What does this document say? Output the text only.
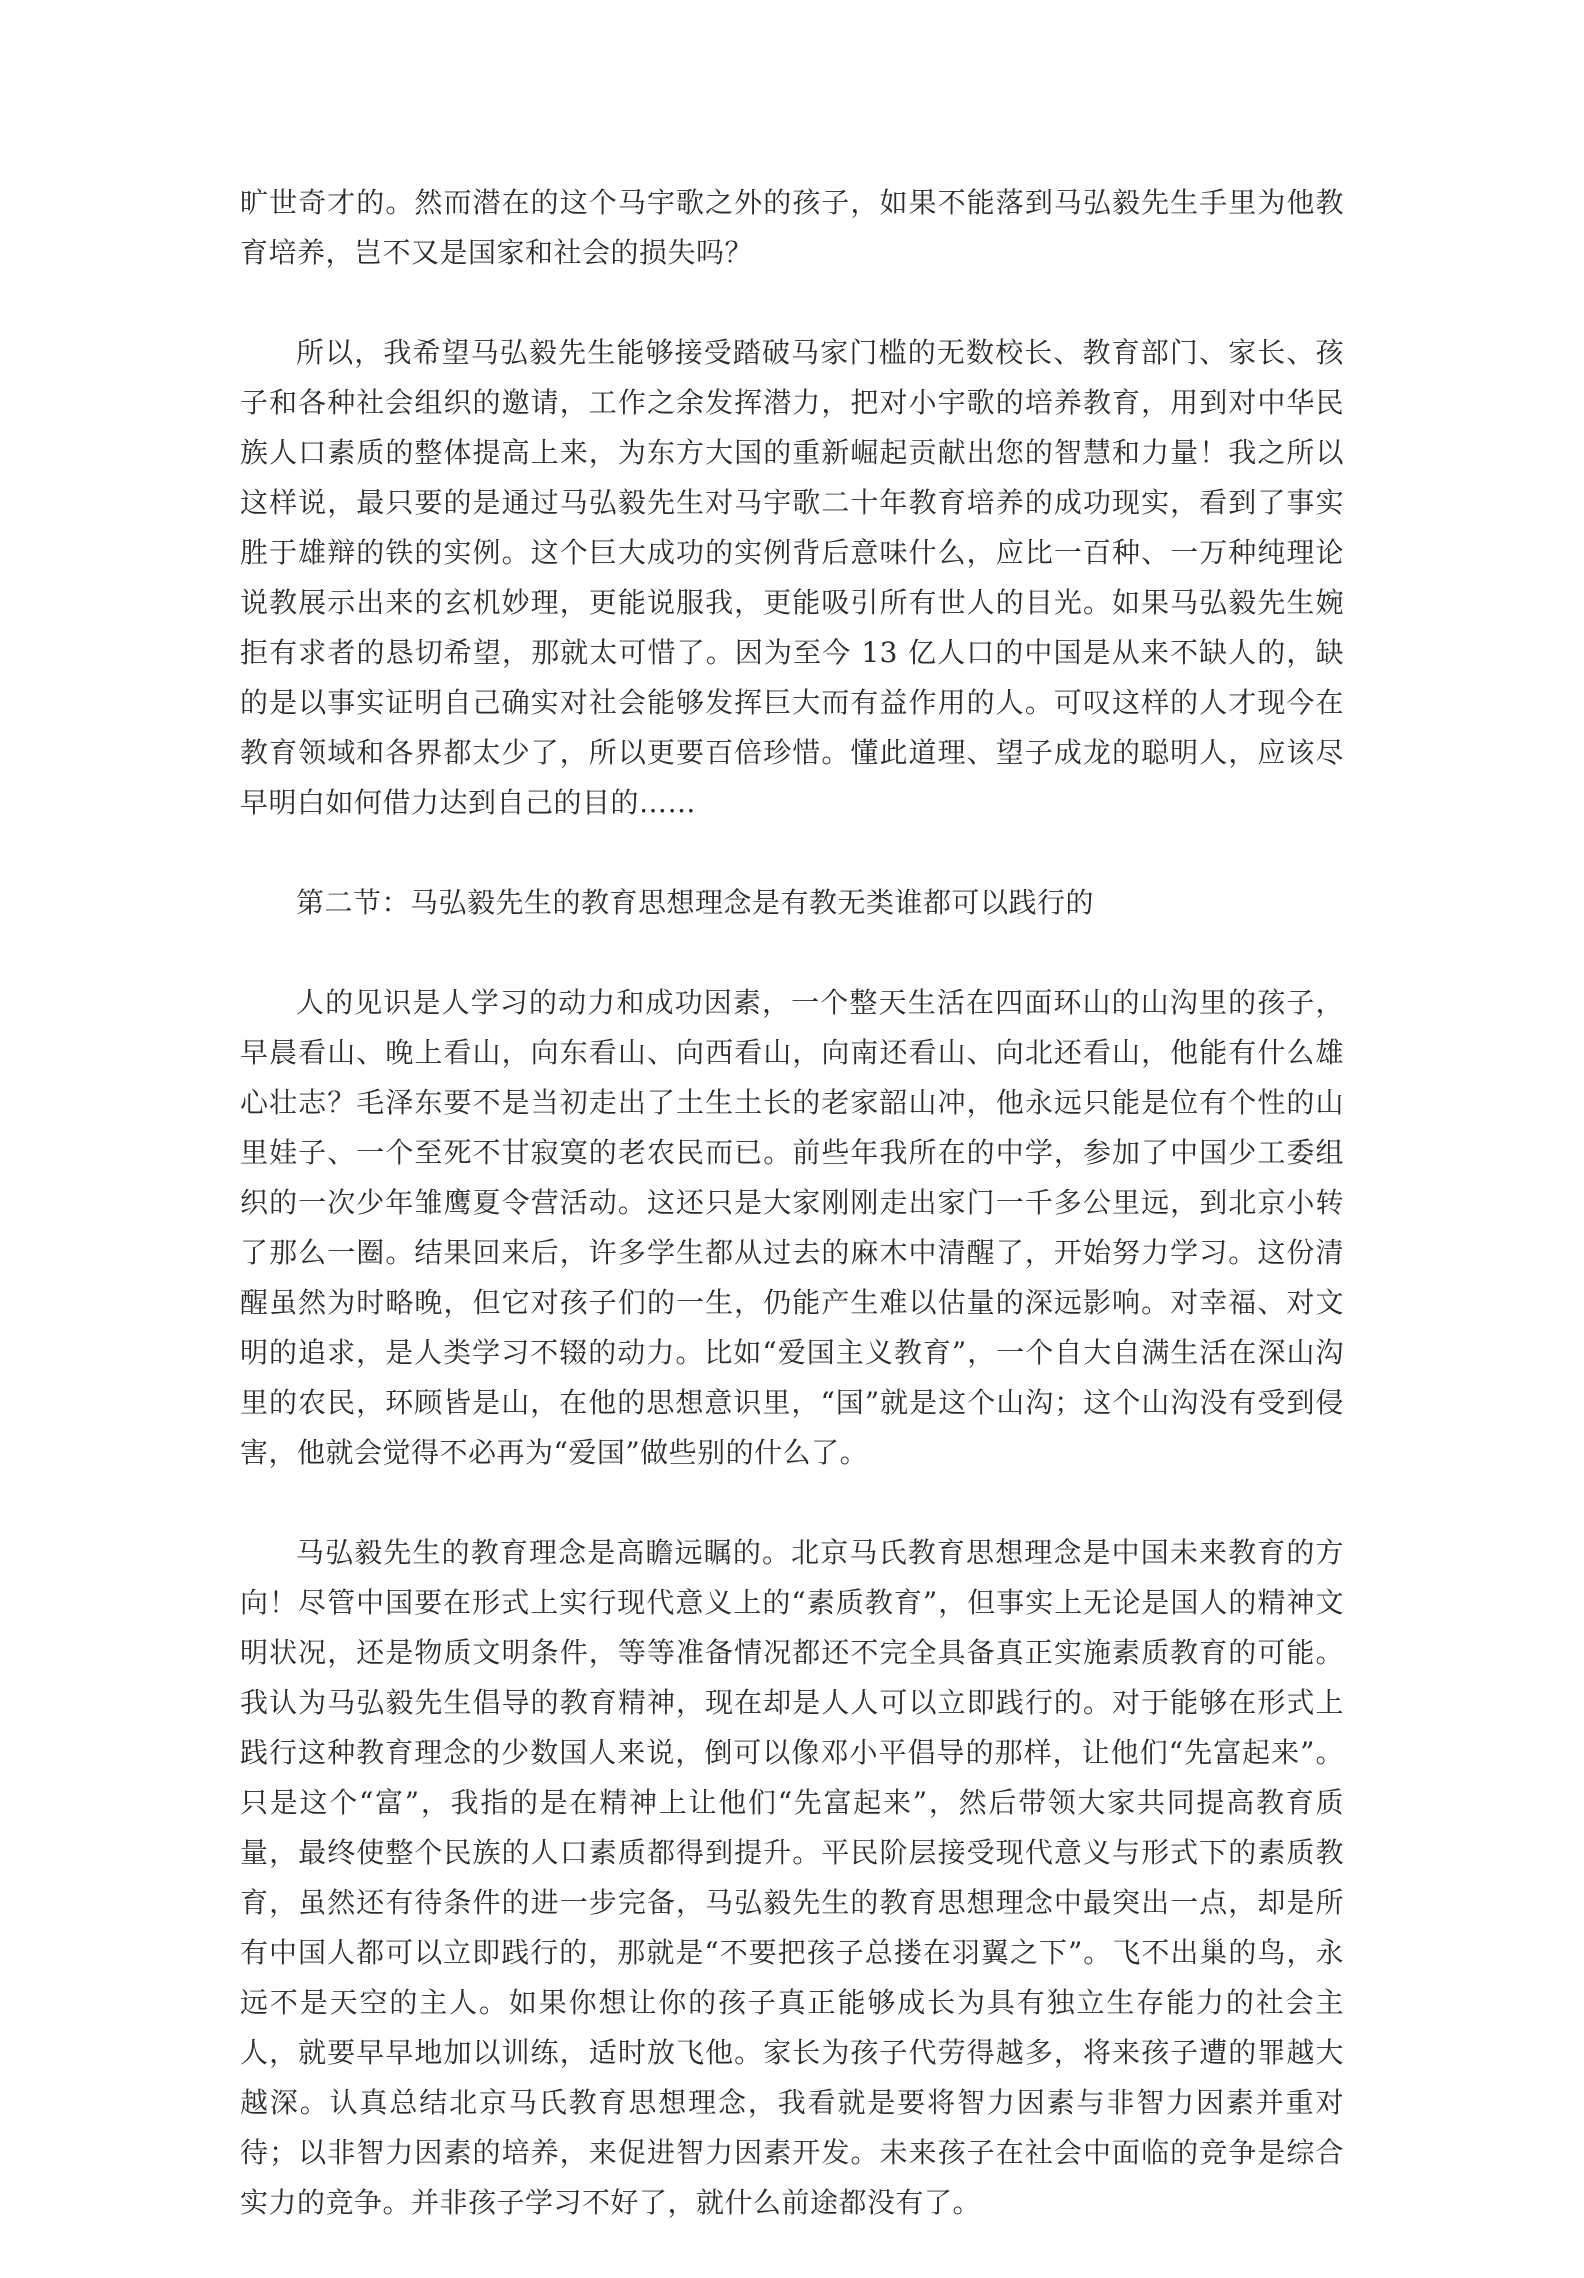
旷世奇才的。然而潜在的这个马宇歌之外的孩子，如果不能落到马弘毅先生手里为他教育培养，岂不又是国家和社会的损失吗？

所以，我希望马弘毅先生能够接受踏破马家门槛的无数校长、教育部门、家长、孩子和各种社会组织的邀请，工作之余发挥潜力，把对小宇歌的培养教育，用到对中华民族人口素质的整体提高上来，为东方大国的重新崛起贡献出您的智慧和力量！我之所以这样说，最只要的是通过马弘毅先生对马宇歌二十年教育培养的成功现实，看到了事实胜于雄辩的铁的实例。这个巨大成功的实例背后意味什么，应比一百种、一万种纯理论说教展示出来的玄机妙理，更能说服我，更能吸引所有世人的目光。如果马弘毅先生婉拒有求者的恳切希望，那就太可惜了。因为至今 13 亿人口的中国是从来不缺人的，缺的是以事实证明自己确实对社会能够发挥巨大而有益作用的人。可叹这样的人才现今在教育领域和各界都太少了，所以更要百倍珍惜。懂此道理、望子成龙的聪明人，应该尽早明白如何借力达到自己的目的……

第二节：马弘毅先生的教育思想理念是有教无类谁都可以践行的

人的见识是人学习的动力和成功因素，一个整天生活在四面环山的山沟里的孩子，早晨看山、晚上看山，向东看山、向西看山，向南还看山、向北还看山，他能有什么雄心壮志？毛泽东要不是当初走出了土生土长的老家韶山冲，他永远只能是位有个性的山里娃子、一个至死不甘寂寞的老农民而已。前些年我所在的中学，参加了中国少工委组织的一次少年雏鹰夏令营活动。这还只是大家刚刚走出家门一千多公里远，到北京小转了那么一圈。结果回来后，许多学生都从过去的麻木中清醒了，开始努力学习。这份清醒虽然为时略晚，但它对孩子们的一生，仍能产生难以估量的深远影响。对幸福、对文明的追求，是人类学习不辍的动力。比如“爱国主义教育”，一个自大自满生活在深山沟里的农民，环顾皆是山，在他的思想意识里，“国”就是这个山沟；这个山沟没有受到侵害，他就会觉得不必再为“爱国”做些别的什么了。

马弘毅先生的教育理念是高瞻远瞩的。北京马氏教育思想理念是中国未来教育的方向！尽管中国要在形式上实行现代意义上的“素质教育”，但事实上无论是国人的精神文明状况，还是物质文明条件，等等准备情况都还不完全具备真正实施素质教育的可能。我认为马弘毅先生倡导的教育精神，现在却是人人可以立即践行的。对于能够在形式上践行这种教育理念的少数国人来说，倒可以像邓小平倡导的那样，让他们“先富起来”。只是这个“富”，我指的是在精神上让他们“先富起来”，然后带领大家共同提高教育质量，最终使整个民族的人口素质都得到提升。平民阶层接受现代意义与形式下的素质教育，虽然还有待条件的进一步完备，马弘毅先生的教育思想理念中最突出一点，却是所有中国人都可以立即践行的，那就是“不要把孩子总搂在羽翼之下”。飞不出巢的鸟，永远不是天空的主人。如果你想让你的孩子真正能够成长为具有独立生存能力的社会主人，就要早早地加以训练，适时放飞他。家长为孩子代劳得越多，将来孩子遭的罪越大越深。认真总结北京马氏教育思想理念，我看就是要将智力因素与非智力因素并重对待；以非智力因素的培养，来促进智力因素开发。未来孩子在社会中面临的竞争是综合实力的竞争。并非孩子学习不好了，就什么前途都没有了。
